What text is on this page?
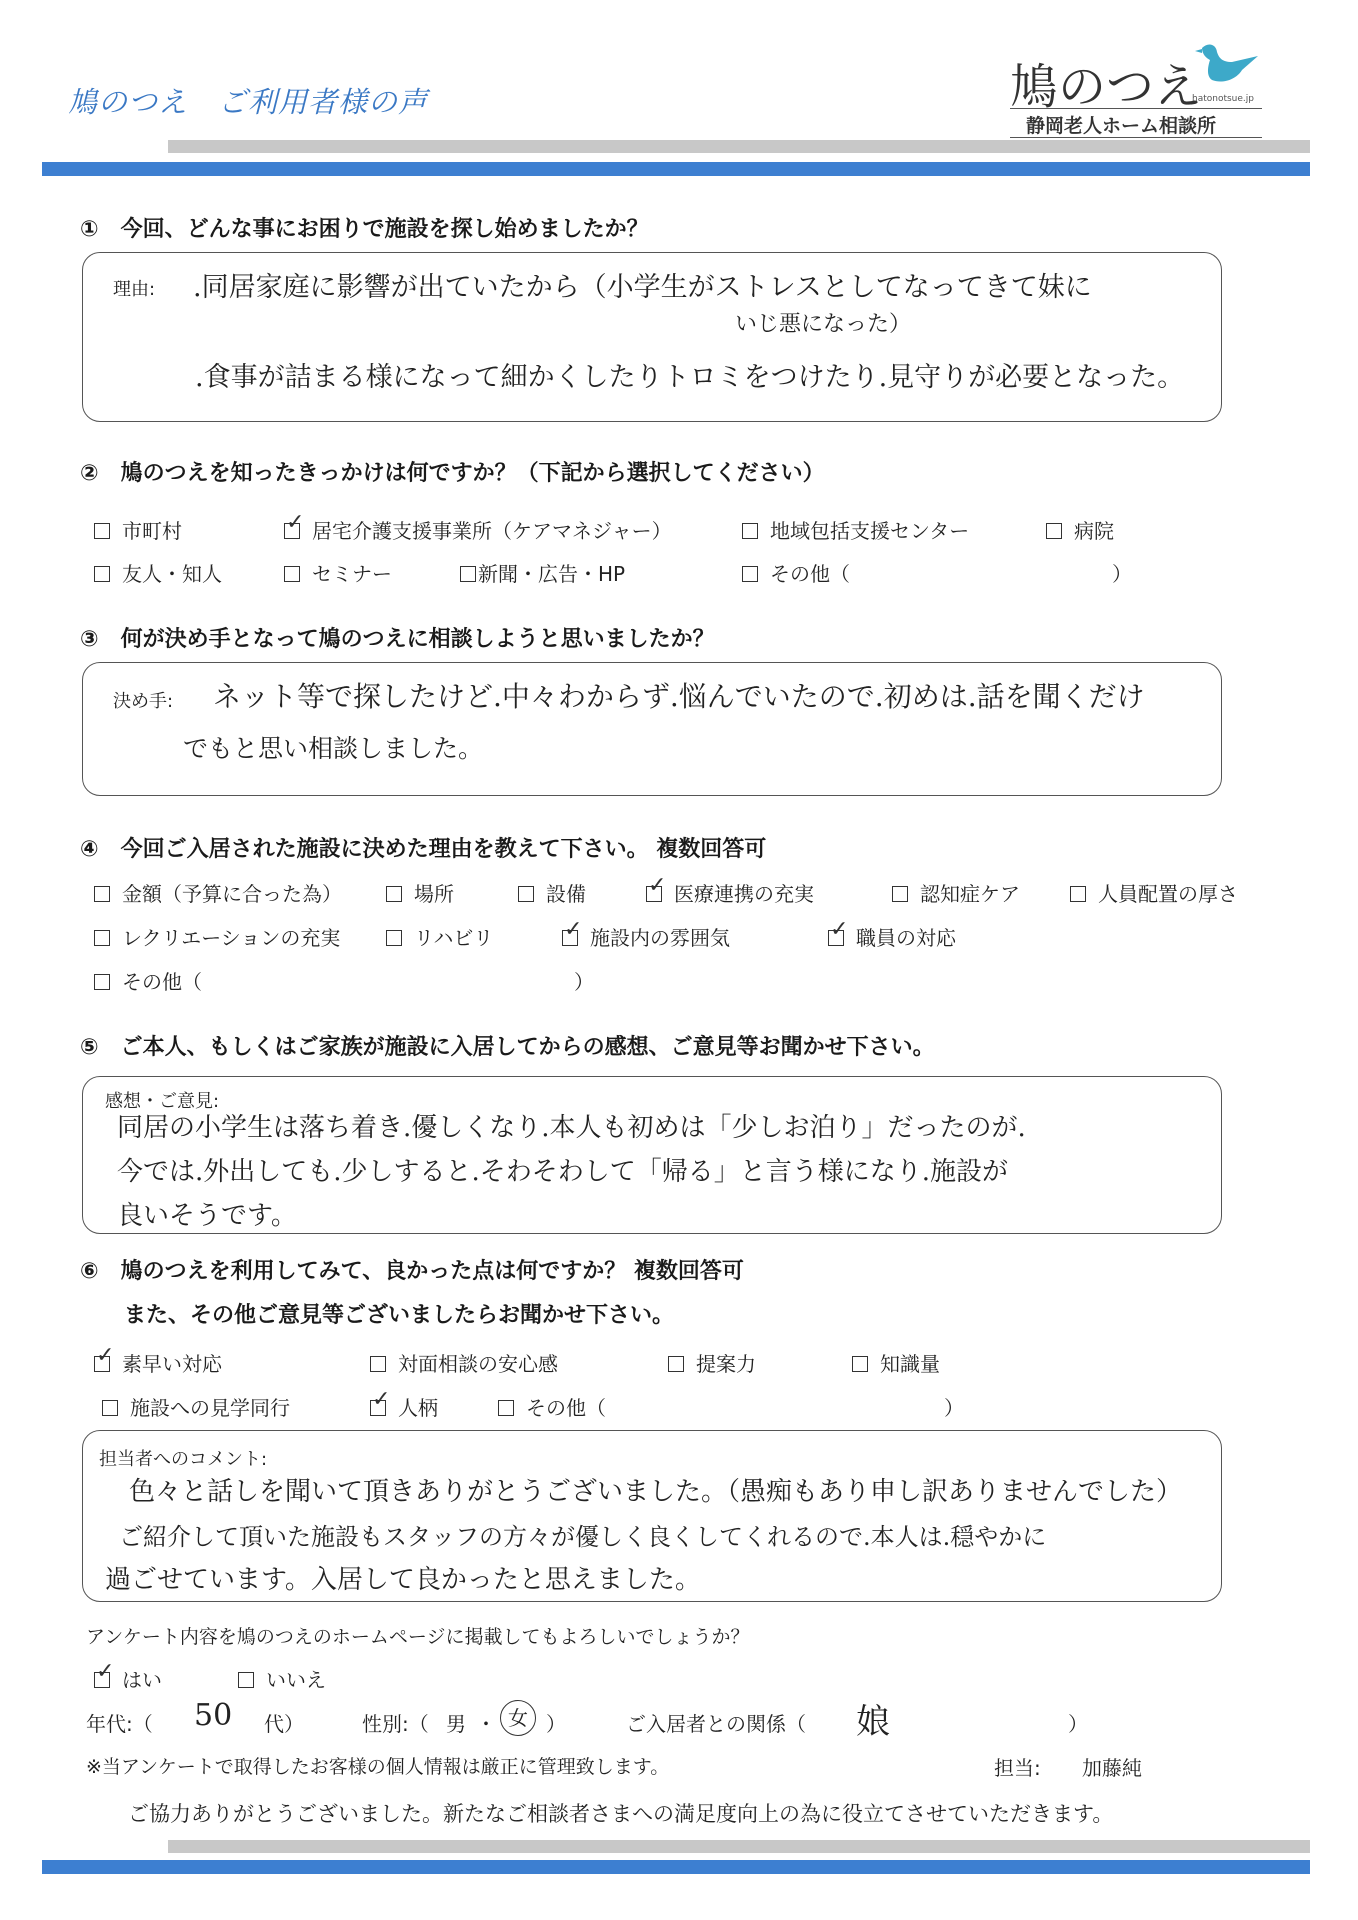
鳩のつえ　ご利用者様の声	鳩のつえ
hatonotsue.jp
静岡老人ホーム相談所
①　今回、どんな事にお困りで施設を探し始めましたか？
理由: .同居家庭に影響が出ていたから（小学生がストレスとしてなってきて妹に
いじ悪になった）
.食事が詰まる様になって細かくしたりトロミをつけたり.見守りが必要となった。
②　鳩のつえを知ったきっかけは何ですか？（下記から選択してください）
市町村 ✓	居宅介護支援事業所（ケアマネジャー）	地域包括支援センター	病院
友人・知人	セミナー	新聞・広告・HP	その他（	）
③　何が決め手となって鳩のつえに相談しようと思いましたか？
決め手: ネット等で探したけど.中々わからず.悩んでいたので.初めは.話を聞くだけ
でもと思い相談しました。
④　今回ご入居された施設に決めた理由を教えて下さい。 複数回答可
金額（予算に合った為）	場所	設備 ✓	医療連携の充実	認知症ケア	人員配置の厚さ
レクリエーションの充実	リハビリ ✓	施設内の雰囲気 ✓	職員の対応
その他（	）
⑤　ご本人、もしくはご家族が施設に入居してからの感想、ご意見等お聞かせ下さい。
感想・ご意見:
同居の小学生は落ち着き.優しくなり.本人も初めは「少しお泊り」だったのが.
今では.外出しても.少しすると.そわそわして「帰る」と言う様になり.施設が
良いそうです。
⑥　鳩のつえを利用してみて、良かった点は何ですか？ 複数回答可
また、その他ご意見等ございましたらお聞かせ下さい。
✓素早い対応	対面相談の安心感	提案力	知識量
施設への見学同行 ✓	人柄	その他（	）
担当者へのコメント:
色々と話しを聞いて頂きありがとうございました。（愚痴もあり申し訳ありませんでした）
ご紹介して頂いた施設もスタッフの方々が優しく良くしてくれるので.本人は.穏やかに
過ごせています。入居して良かったと思えました。
アンケート内容を鳩のつえのホームページに掲載してもよろしいでしょうか？
✓はい	いいえ
年代:（ 50 代）	性別:（ 男 ・ 女 ）	ご入居者との関係（ 娘	）
※当アンケートで取得したお客様の個人情報は厳正に管理致します。	担当: 加藤純
ご協力ありがとうございました。新たなご相談者さまへの満足度向上の為に役立てさせていただきます。
